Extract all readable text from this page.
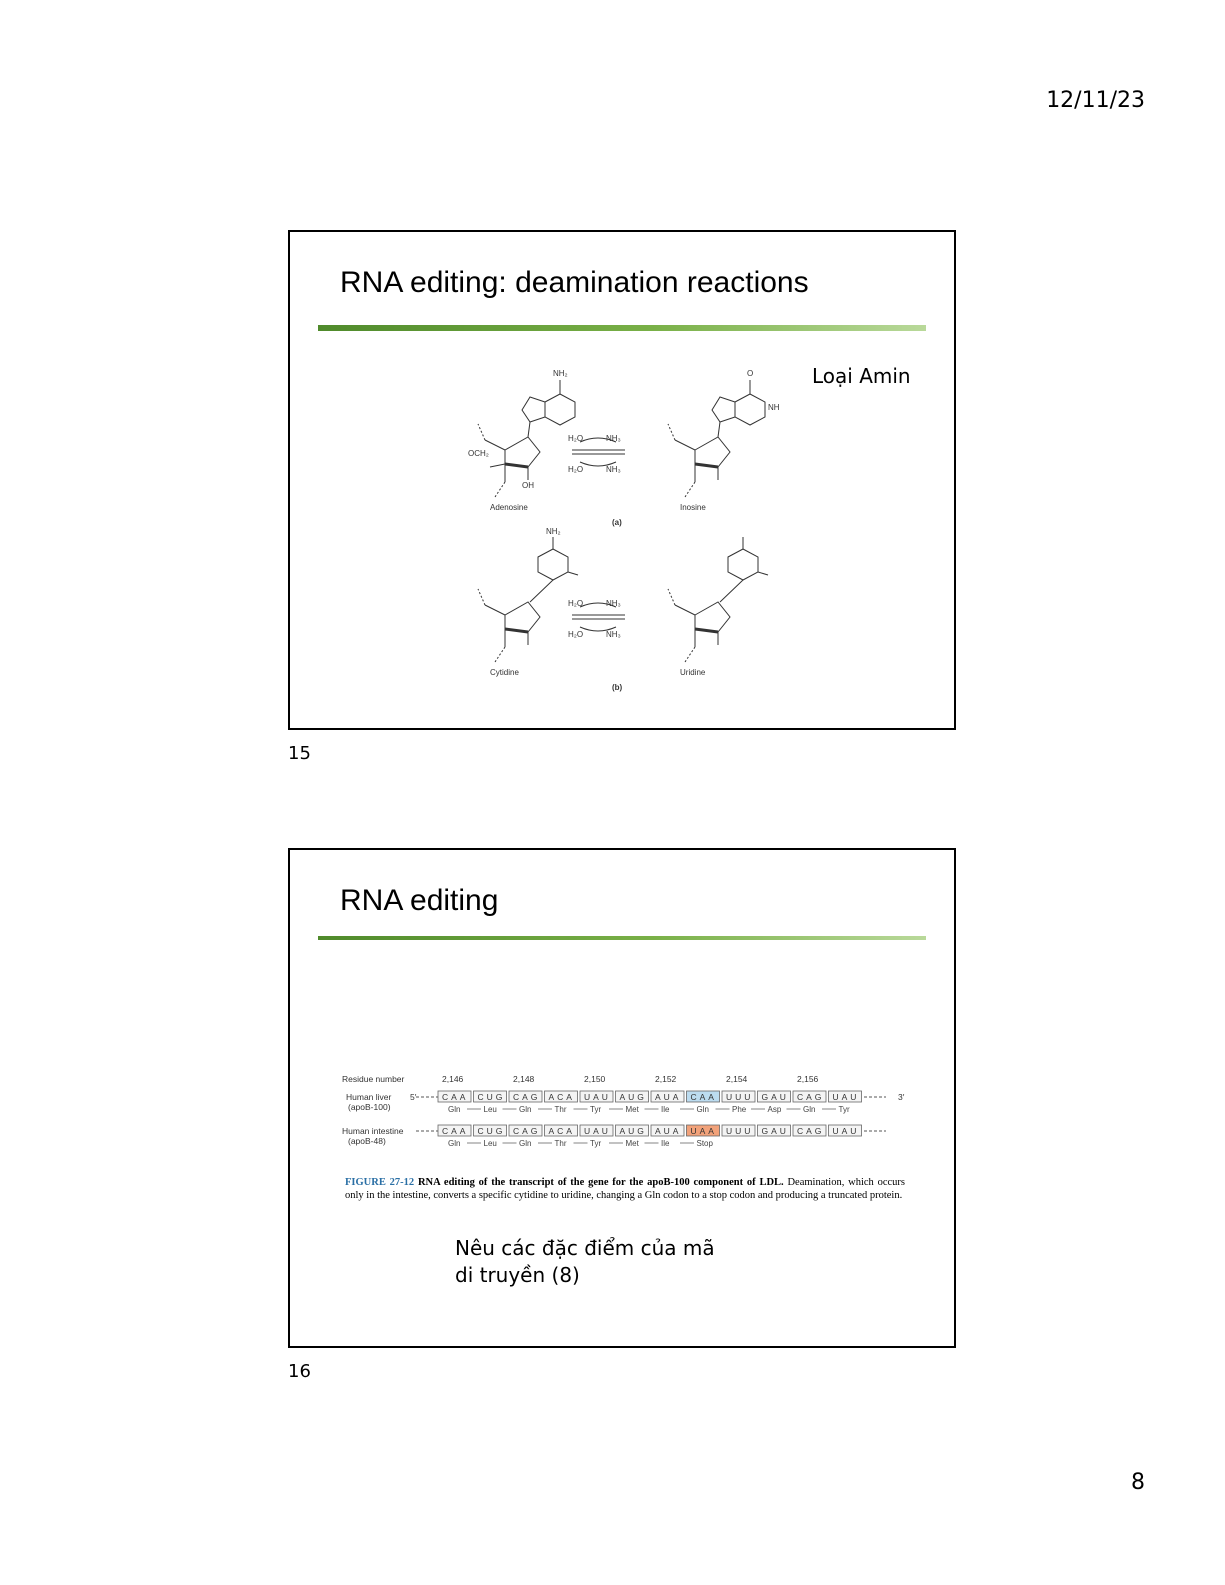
12/11/23
RNA editing: deamination reactions
Loại Amin
NH₂
OCH₂
OH
Adenosine
H₂O	NH₃
H₂O	NH₃
O
NH
Inosine
(a)
NH₂
Cytidine
H₂O	NH₃
H₂O	NH₃
Uridine
(b)
15
RNA editing
Residue number	2,146	2,148	2,150	2,152	2,154	2,156
Human liver
(apoB-100)
5′	3′
CAA CUG CAG ACA UAU AUG AUA CAA UUU GAU CAG UAU
Gln	Leu	Gln	Thr	Tyr	Met	Ile	Gln	Phe	Asp	Gln	Tyr
Human intestine
(apoB-48)
CAA CUG CAG ACA UAU AUG AUA UAA UUU GAU CAG UAU
Gln	Leu	Gln	Thr	Tyr	Met	Ile	Stop
FIGURE 27-12 RNA editing of the transcript of the gene for the apoB-100 component of LDL. Deamination, which occurs only in the intestine, converts a specific cytidine to uridine, changing a Gln codon to a stop codon and producing a truncated protein.
Nêu các đặc điểm của mã
di truyền (8)
16
8
